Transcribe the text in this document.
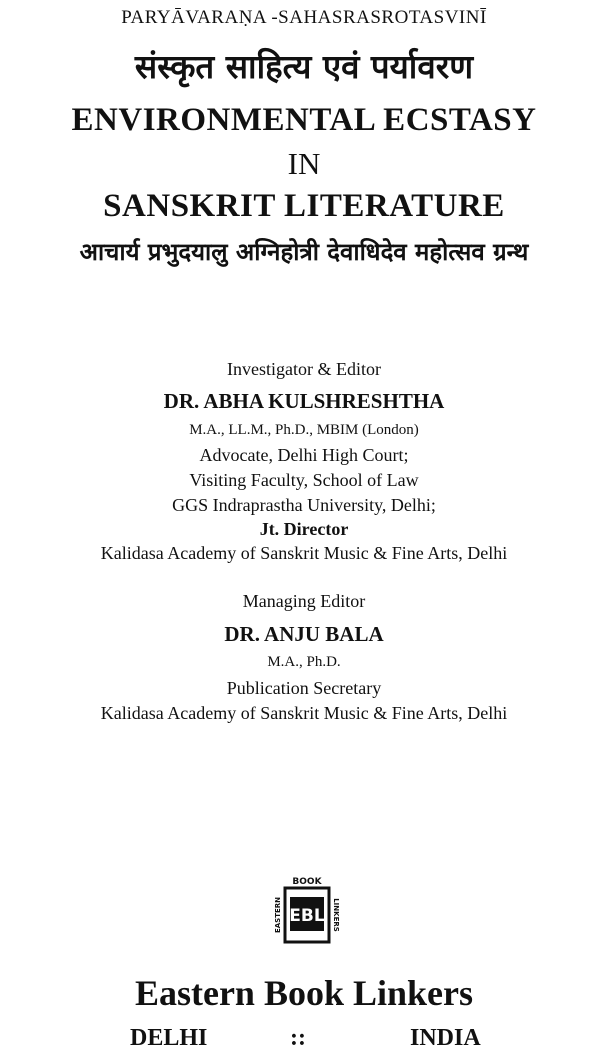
PARYĀVARAṆA -SAHASRASROTASVINĪ
संस्कृत साहित्य एवं पर्यावरण
ENVIRONMENTAL ECSTASY
IN
SANSKRIT LITERATURE
आचार्य प्रभुदयालु अग्निहोत्री देवाधिदेव महोत्सव ग्रन्थ
Investigator & Editor
DR. ABHA KULSHRESHTHA
M.A., LL.M., Ph.D., MBIM (London)
Advocate, Delhi High Court;
Visiting Faculty, School of Law
GGS Indraprastha University, Delhi;
Jt. Director
Kalidasa Academy of Sanskrit Music & Fine Arts, Delhi
Managing Editor
DR. ANJU BALA
M.A., Ph.D.
Publication Secretary
Kalidasa Academy of Sanskrit Music & Fine Arts, Delhi
BOOK
EASTERN	LINKERS
EBL
Eastern Book Linkers
DELHI	::	INDIA
